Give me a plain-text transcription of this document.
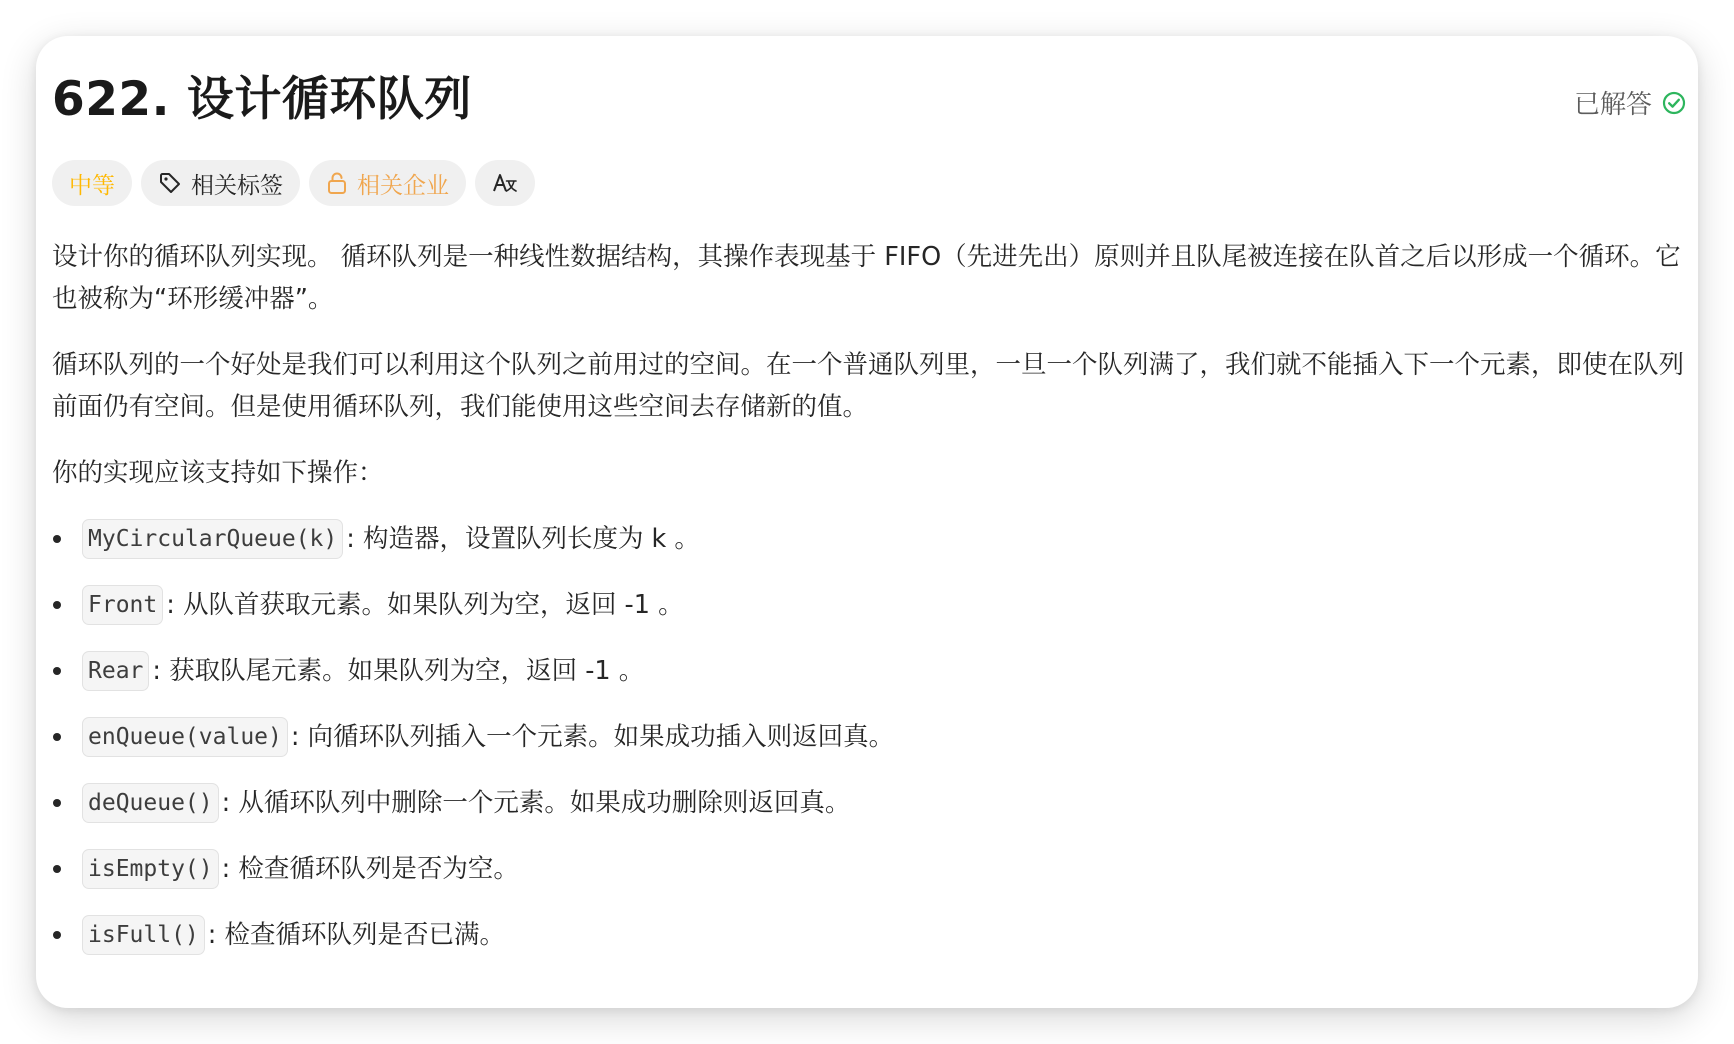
622. 设计循环队列	已解答
中等	相关标签	相关企业

设计你的循环队列实现。 循环队列是一种线性数据结构，其操作表现基于 FIFO（先进先出）原则并且队尾被连接在队首之后以形成一个循环。它也被称为“环形缓冲器”。

循环队列的一个好处是我们可以利用这个队列之前用过的空间。在一个普通队列里，一旦一个队列满了，我们就不能插入下一个元素，即使在队列前面仍有空间。但是使用循环队列，我们能使用这些空间去存储新的值。

你的实现应该支持如下操作：

MyCircularQueue(k) : 构造器，设置队列长度为 k 。
Front : 从队首获取元素。如果队列为空，返回 -1 。
Rear : 获取队尾元素。如果队列为空，返回 -1 。
enQueue(value) : 向循环队列插入一个元素。如果成功插入则返回真。
deQueue() : 从循环队列中删除一个元素。如果成功删除则返回真。
isEmpty() : 检查循环队列是否为空。
isFull() : 检查循环队列是否已满。
